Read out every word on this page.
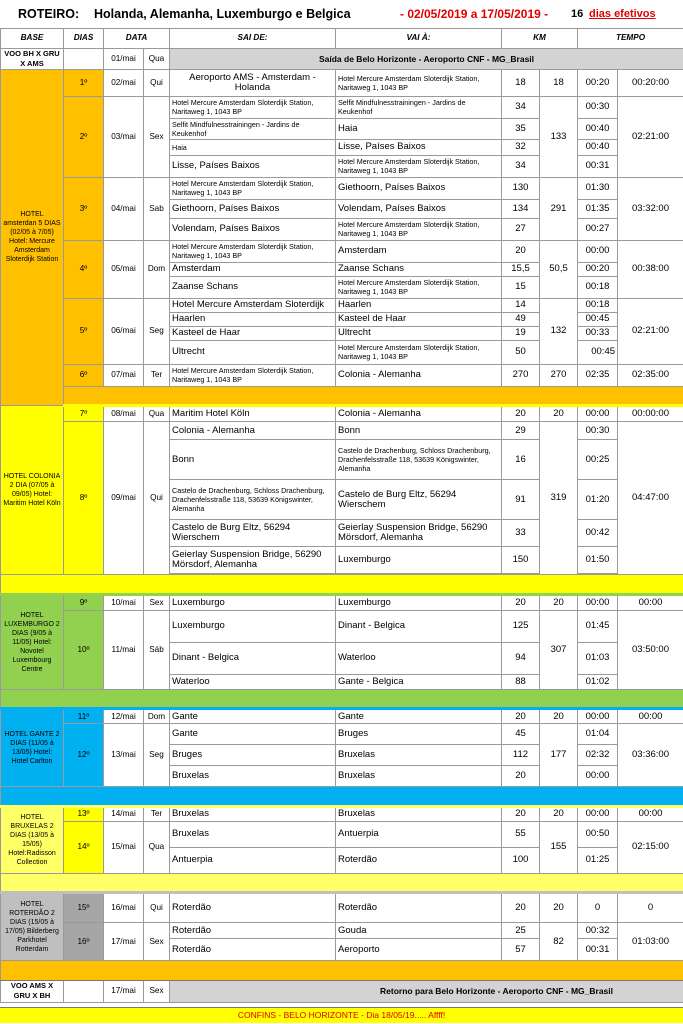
ROTEIRO: Holanda, Alemanha, Luxemburgo e Belgica	- 02/05/2019 a 17/05/2019 - 16 dias efetivos
BASE	DIAS	DATA		SAI DE:	VAI À:	KM		TEMPO	
VOO BH X GRU X AMS		01/mai	Qua	Saída de Belo Horizonte - Aeroporto CNF - MG_Brasil					
HOTEL amsterdan 5 DIAS (02/05 à 7/05) Hotel: Mercure Amsterdam Sloterdijk Station	1º	02/mai	Qui	Aeroporto AMS - Amsterdam - Holanda	Hotel Mercure Amsterdam Sloterdijk Station, Naritaweg 1, 1043 BP	18	18	00:20	00:20:00
	2º	03/mai	Sex	Hotel Mercure Amsterdam Sloterdijk Station, Naritaweg 1, 1043 BP	Selfit Mindfulnesstrainingen - Jardins de Keukenhof	34	133	00:30	02:21:00
				Selfit Mindfulnesstrainingen - Jardins de Keukenhof	Haia	35		00:40	
				Haia	Lisse, Países Baixos	32		00:40	
				Lisse, Países Baixos	Hotel Mercure Amsterdam Sloterdijk Station, Naritaweg 1, 1043 BP	34		00:31	
	3º	04/mai	Sab	Hotel Mercure Amsterdam Sloterdijk Station, Naritaweg 1, 1043 BP	Giethoorn, Países Baixos	130	291	01:30	03:32:00
				Giethoorn, Países Baixos	Volendam, Países Baixos	134		01:35	
				Volendam, Países Baixos	Hotel Mercure Amsterdam Sloterdijk Station, Naritaweg 1, 1043 BP	27		00:27	
	4º	05/mai	Dom	Hotel Mercure Amsterdam Sloterdijk Station, Naritaweg 1, 1043 BP	Amsterdam	20	50,5	00:00	00:38:00
				Amsterdam	Zaanse Schans	15,5		00:20	
				Zaanse Schans	Hotel Mercure Amsterdam Sloterdijk Station, Naritaweg 1, 1043 BP	15		00:18	
	5º	06/mai	Seg	Hotel Mercure Amsterdam Sloterdijk	Haarlen	14	132	00:18	02:21:00
				Haarlen	Kasteel de Haar	49		00:45	
				Kasteel de Haar	Ultrecht	19		00:33	
				Ultrecht	Hotel Mercure Amsterdam Sloterdijk Station, Naritaweg 1, 1043 BP	50		00:45	
	6º	07/mai	Ter	Hotel Mercure Amsterdam Sloterdijk Station, Naritaweg 1, 1043 BP	Colonia - Alemanha	270	270	02:35	02:35:00

HOTEL COLONIA 2 DIA (07/05 à 09/05) Hotel: Maritim Hotel Köln	7º	08/mai	Qua	Maritim Hotel Köln	Colonia - Alemanha	20	20	00:00	00:00:00
	8º	09/mai	Qui	Colonia - Alemanha	Bonn	29	319	00:30	04:47:00
				Bonn	Castelo de Drachenburg, Schloss Drachenburg, Drachenfelsstraße 118, 53639 Königswinter, Alemanha	16		00:25	
				Castelo de Drachenburg, Schloss Drachenburg, Drachenfelsstraße 118, 53639 Königswinter, Alemanha	Castelo de Burg Eltz, 56294 Wierschem	91		01:20	
				Castelo de Burg Eltz, 56294 Wierschem	Geierlay Suspension Bridge, 56290 Mörsdorf, Alemanha	33		00:42	
				Geierlay Suspension Bridge, 56290 Mörsdorf, Alemanha	Luxemburgo	150		01:50	

HOTEL LUXEMBURGO 2 DIAS (9/05 à 11/05) Hotel: Novotel Luxembourg Centre	9º	10/mai	Sex	Luxemburgo	Luxemburgo	20	20	00:00	00:00
	10º	11/mai	Sáb	Luxemburgo	Dinant - Belgica	125	307	01:45	03:50:00
				Dinant - Belgica	Waterloo	94		01:03	
				Waterloo	Gante - Belgica	88		01:02	

HOTEL GANTE 2 DIAS (11/05 à 13/05) Hotel: Hotel Carlton	11º	12/mai	Dom	Gante	Gante	20	20	00:00	00:00
	12º	13/mai	Seg	Gante	Bruges	45	177	01:04	03:36:00
				Bruges	Bruxelas	112		02:32	
				Bruxelas	Bruxelas	20		00:00	

HOTEL BRUXELAS 2 DIAS (13/05 à 15/05) Hotel:Radisson Collection	13º	14/mai	Ter	Bruxelas	Bruxelas	20	20	00:00	00:00
	14º	15/mai	Qua	Bruxelas	Antuerpia	55	155	00:50	02:15:00
				Antuerpia	Roterdão	100		01:25	

HOTEL ROTERDÃO 2 DIAS (15/05 à 17/05) Bilderberg Parkhotel Rotterdam	15º	16/mai	Qui	Roterdão	Roterdão	20	20	0	0
	16º	17/mai	Sex	Roterdão	Gouda	25	82	00:32	01:03:00
				Roterdão	Aeroporto	57		00:31	

VOO AMS X GRU X BH		17/mai	Sex	Retorno para Belo Horizonte - Aeroporto CNF - MG_Brasil					
CONFINS - BELO HORIZONTE - Dia 18/05/19..... Affff!
